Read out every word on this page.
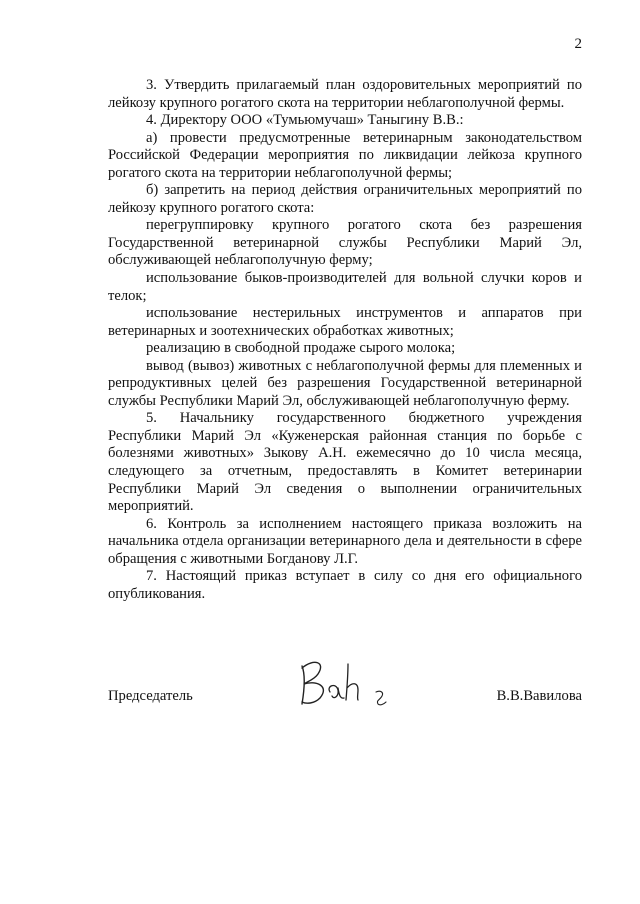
2

3. Утвердить прилагаемый план оздоровительных мероприятий по лейкозу крупного рогатого скота на территории неблагополучной фермы.

4. Директору ООО «Тумьюмучаш» Таныгину В.В.:

а) провести предусмотренные ветеринарным законодательством Российской Федерации мероприятия по ликвидации лейкоза крупного рогатого скота на территории неблагополучной фермы;

б) запретить на период действия ограничительных мероприятий по лейкозу крупного рогатого скота:

перегруппировку крупного рогатого скота без разрешения Государственной ветеринарной службы Республики Марий Эл, обслуживающей неблагополучную ферму;

использование быков-производителей для вольной случки коров и телок;

использование нестерильных инструментов и аппаратов при ветеринарных и зоотехнических обработках животных;

реализацию в свободной продаже сырого молока;

вывод (вывоз) животных с неблагополучной фермы для племенных и репродуктивных целей без разрешения Государственной ветеринарной службы Республики Марий Эл, обслуживающей неблагополучную ферму.

5. Начальнику государственного бюджетного учреждения Республики Марий Эл «Куженерская районная станция по борьбе с болезнями животных» Зыкову А.Н. ежемесячно до 10 числа месяца, следующего за отчетным, предоставлять в Комитет ветеринарии Республики Марий Эл сведения о выполнении ограничительных мероприятий.

6. Контроль за исполнением настоящего приказа возложить на начальника отдела организации ветеринарного дела и деятельности в сфере обращения с животными Богданову Л.Г.

7. Настоящий приказ вступает в силу со дня его официального опубликования.

Председатель	В.В.Вавилова
